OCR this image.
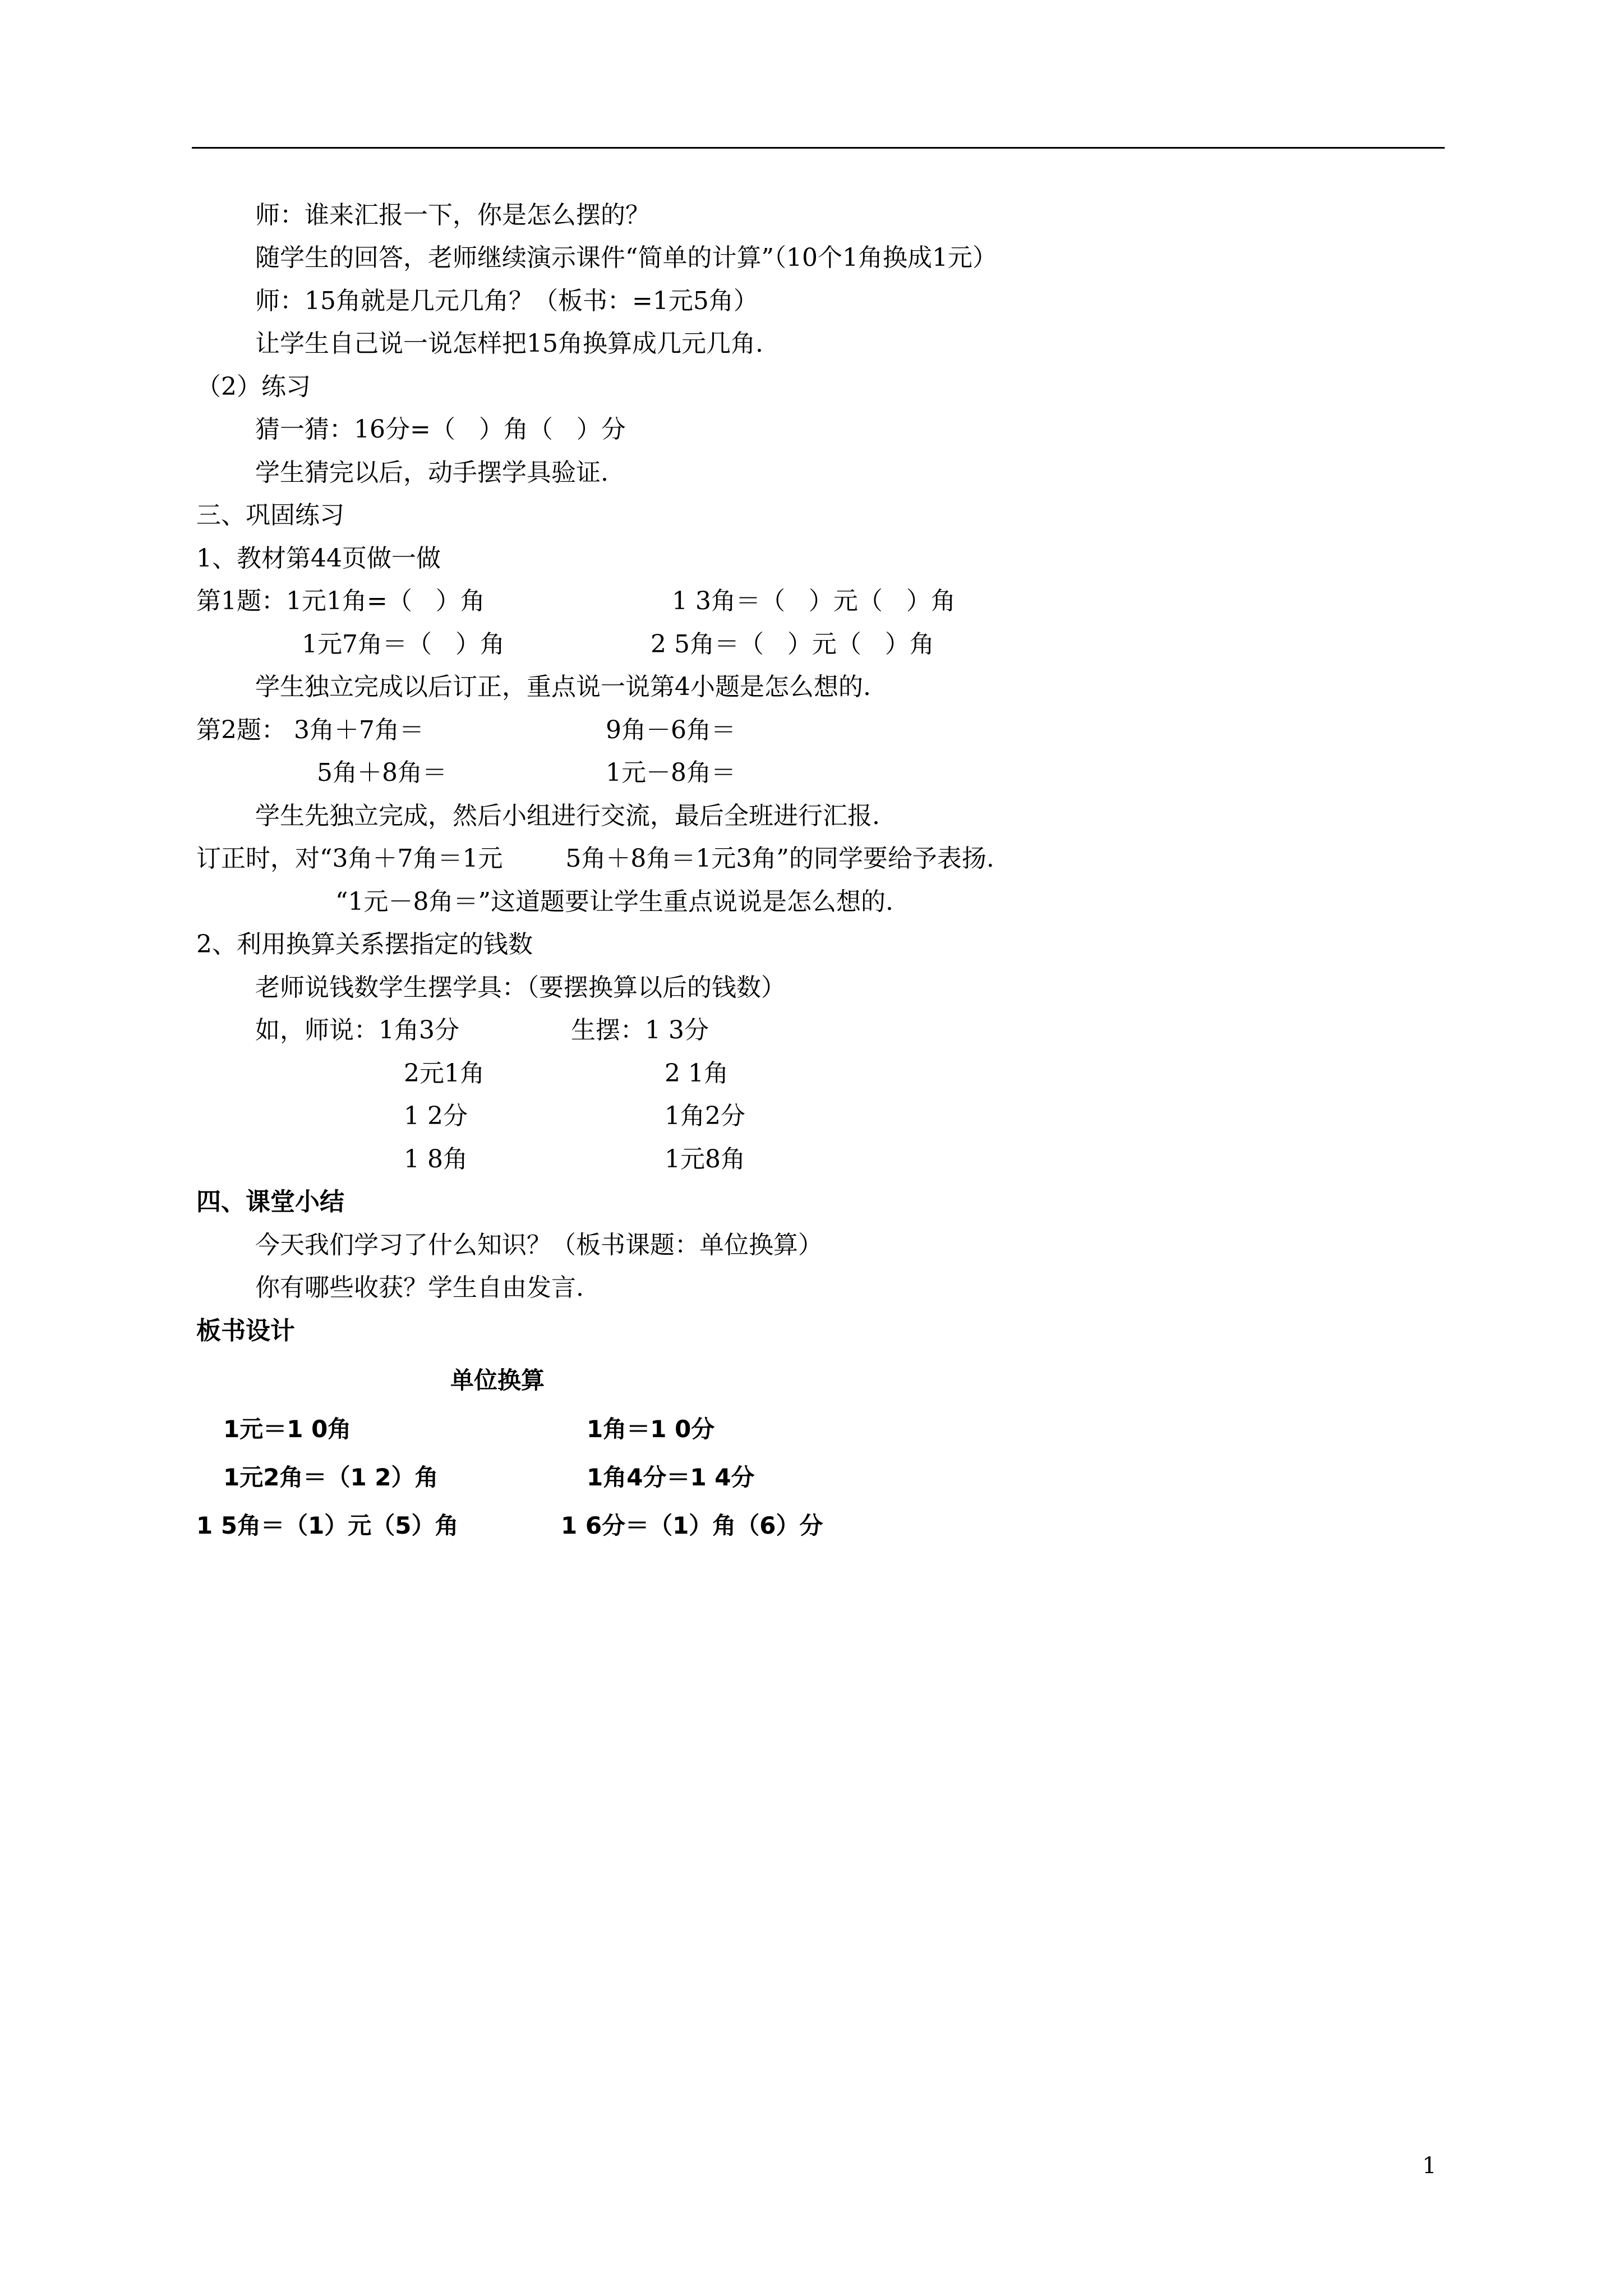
师：谁来汇报一下，你是怎么摆的？
随学生的回答，老师继续演示课件“简单的计算”（10个1角换成1元）
师：15角就是几元几角？（板书：=1元5角）
让学生自己说一说怎样把15角换算成几元几角.
（2）练习
猜一猜：16分=（   ）角（   ）分
学生猜完以后，动手摆学具验证.
三、巩固练习
1、教材第44页做一做
第1题：1元1角=（   ）角	1 3角＝（   ）元（   ）角
1元7角＝（   ）角	2 5角＝（   ）元（   ）角
学生独立完成以后订正，重点说一说第4小题是怎么想的.
第2题： 3角＋7角＝	9角－6角＝
5角＋8角＝	1元－8角＝
学生先独立完成，然后小组进行交流，最后全班进行汇报.
订正时，对“3角＋7角＝1元        5角＋8角＝1元3角”的同学要给予表扬.
“1元－8角＝”这道题要让学生重点说说是怎么想的.
2、利用换算关系摆指定的钱数
老师说钱数学生摆学具：（要摆换算以后的钱数）
如，师说：1角3分	生摆：1 3分
2元1角	2 1角
1 2分	1角2分
1 8角	1元8角
四、课堂小结
今天我们学习了什么知识？（板书课题：单位换算）
你有哪些收获？学生自由发言.
板书设计
单位换算
1元＝1 0角	1角＝1 0分
1元2角＝（1 2）角	1角4分＝1 4分
1 5角＝（1）元（5）角	1 6分＝（1）角（6）分
1
